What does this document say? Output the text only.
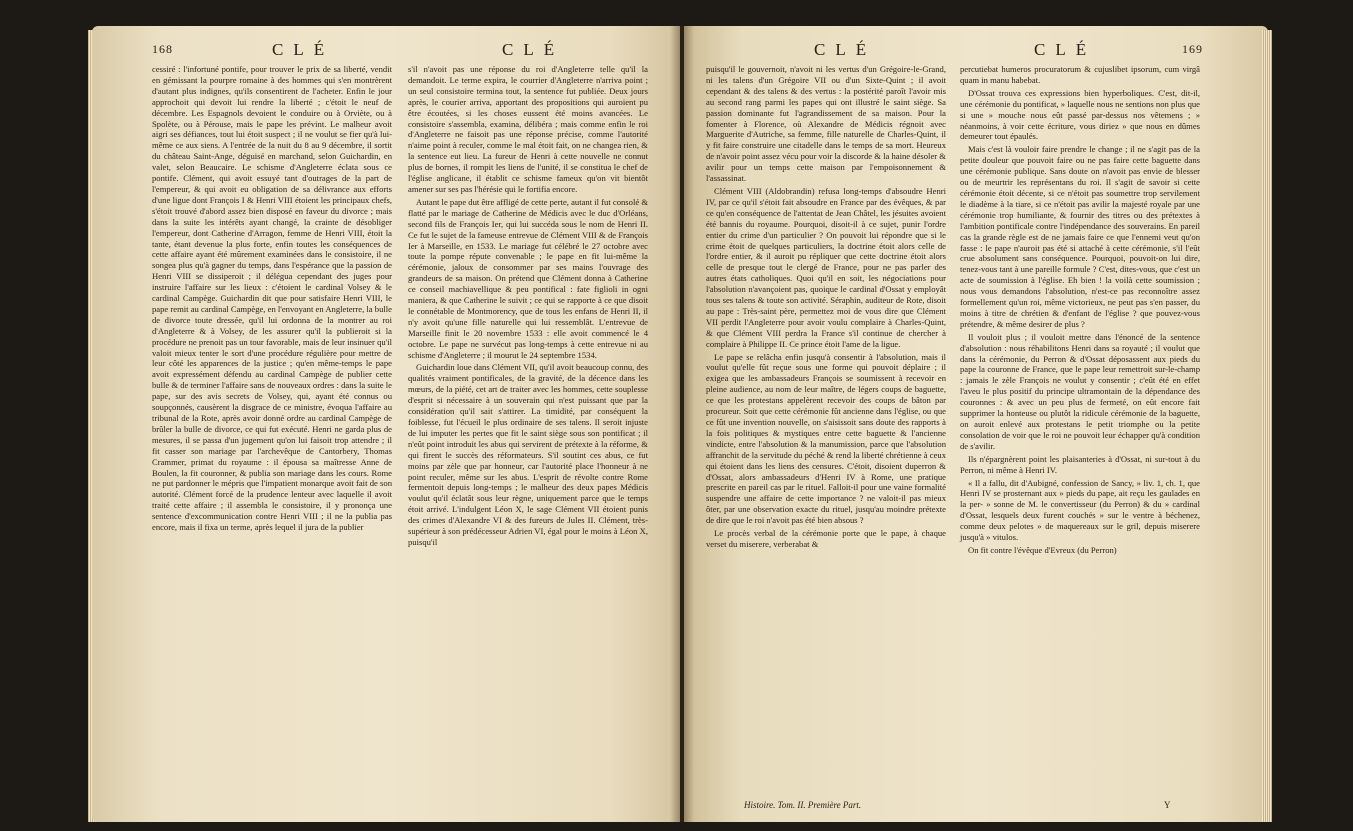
168	CLÉ	CLÉ

cessiré : l'infortuné pontife, pour trouver le prix de sa liberté, vendit en gémissant la pourpre romaine à des hommes qui s'en montrèrent d'autant plus indignes, qu'ils consentirent de l'acheter. Enfin le jour approchoit qui devoit lui rendre la liberté ; c'étoit le neuf de décembre. Les Espagnols devoient le conduire ou à Orviète, ou à Spolète, ou à Pérouse, mais le pape les prévint. Le malheur avoit aigri ses défiances, tout lui étoit suspect ; il ne voulut se fier qu'à lui-même ce aux siens. A l'entrée de la nuit du 8 au 9 décembre, il sortit du château Saint-Ange, déguisé en marchand, selon Guichardin, en valet, selon Beaucaire. Le schisme d'Angleterre éclata sous ce pontife. Clément, qui avoit essuyé tant d'outrages de la part de l'empereur, & qui avoit eu obligation de sa délivrance aux efforts d'une ligue dont François I & Henri VIII étoient les principaux chefs, s'étoit trouvé d'abord assez bien disposé en faveur du divorce ; mais dans la suite les intérêts ayant changé, la crainte de désobliger l'empereur, dont Catherine d'Arragon, femme de Henri VIII, étoit la tante, étant devenue la plus forte, enfin toutes les conséquences de cette affaire ayant été mûrement examinées dans le consistoire, il ne songea plus qu'à gagner du temps, dans l'espérance que la passion de Henri VIII se dissiperoit ; il délégua cependant des juges pour instruire l'affaire sur les lieux : c'étoient le cardinal Volsey & le cardinal Campège. Guichardin dit que pour satisfaire Henri VIII, le pape remit au cardinal Campège, en l'envoyant en Angleterre, la bulle de divorce toute dressée, qu'il lui ordonna de la montrer au roi d'Angleterre & à Volsey, de les assurer qu'il la publieroit si la procédure ne prenoit pas un tour favorable, mais de leur insinuer qu'il valoit mieux tenter le sort d'une procédure régulière pour mettre de leur côté les apparences de la justice ; qu'en même-temps le pape avoit expressément défendu au cardinal Campège de publier cette bulle & de terminer l'affaire sans de nouveaux ordres : dans la suite le pape, sur des avis secrets de Volsey, qui, ayant été connus ou soupçonnés, causèrent la disgrace de ce ministre, évoqua l'affaire au tribunal de la Rote, après avoir donné ordre au cardinal Campège de brûler la bulle de divorce, ce qui fut exécuté. Henri ne garda plus de mesures, il se passa d'un jugement qu'on lui faisoit trop attendre ; il fit casser son mariage par l'archevêque de Cantorbery, Thomas Crammer, primat du royaume : il épousa sa maîtresse Anne de Boulen, la fit couronner, & publia son mariage dans les cours. Rome ne put pardonner le mépris que l'impatient monarque avoit fait de son autorité. Clément forcé de la prudence lenteur avec laquelle il avoit traité cette affaire ; il assembla le consistoire, il y prononça une sentence d'excommunication contre Henri VIII ; il ne la publia pas encore, mais il fixa un terme, après lequel il jura de la publier

s'il n'avoit pas une réponse du roi d'Angleterre telle qu'il la demandoit. Le terme expira, le courrier d'Angleterre n'arriva point ; un seul consistoire termina tout, la sentence fut publiée. Deux jours après, le courier arriva, apportant des propositions qui auroient pu être écoutées, si les choses eussent été moins avancées. Le consistoire s'assembla, examina, délibéra ; mais comme enfin le roi d'Angleterre ne faisoit pas une réponse précise, comme l'autorité n'aime point à reculer, comme le mal étoit fait, on ne changea rien, & la sentence eut lieu. La fureur de Henri à cette nouvelle ne connut plus de bornes, il rompit les liens de l'unité, il se constitua le chef de l'église anglicane, il établit ce schisme fameux qu'on vit bientôt amener sur ses pas l'hérésie qui le fortifia encore.

Autant le pape dut être affligé de cette perte, autant il fut consolé & flatté par le mariage de Catherine de Médicis avec le duc d'Orléans, second fils de François Ier, qui lui succéda sous le nom de Henri II. Ce fut le sujet de la fameuse entrevue de Clément VIII & de François Ier à Marseille, en 1533. Le mariage fut célébré le 27 octobre avec toute la pompe répute convenable ; le pape en fit lui-même la cérémonie, jaloux de consommer par ses mains l'ouvrage des grandeurs de sa maison. On prétend que Clément donna à Catherine ce conseil machiavellique & peu pontifical : fate figlioli in ogni maniera, & que Catherine le suivit ; ce qui se rapporte à ce que disoit le connétable de Montmorency, que de tous les enfans de Henri II, il n'y avoit qu'une fille naturelle qui lui ressemblât. L'entrevue de Marseille finit le 20 novembre 1533 : elle avoit commencé le 4 octobre. Le pape ne survécut pas long-temps à cette entrevue ni au schisme d'Angleterre ; il mourut le 24 septembre 1534.

Guichardin loue dans Clément VII, qu'il avoit beaucoup connu, des qualités vraiment pontificales, de la gravité, de la décence dans les mœurs, de la piété, cet art de traiter avec les hommes, cette souplesse d'esprit si nécessaire à un souverain qui n'est puissant que par la considération qu'il sait s'attirer. La timidité, par conséquent la foiblesse, fut l'écueil le plus ordinaire de ses talens. Il seroit injuste de lui imputer les pertes que fit le saint siège sous son pontificat ; il n'eût point introduit les abus qui servirent de prétexte à la réforme, & qui firent le succès des réformateurs. S'il soutint ces abus, ce fut moins par zèle que par honneur, car l'autorité place l'honneur à ne point reculer, même sur les abus. L'esprit de révolte contre Rome fermentoit depuis long-temps ; le malheur des deux papes Médicis voulut qu'il éclatât sous leur règne, uniquement parce que le temps étoit arrivé. L'indulgent Léon X, le sage Clément VII étoient punis des crimes d'Alexandre VI & des fureurs de Jules II. Clément, très-supérieur à son prédécesseur Adrien VI, égal pour le moins à Léon X, puisqu'il

CLÉ	CLÉ	169

puisqu'il le gouvernoit, n'avoit ni les vertus d'un Grégoire-le-Grand, ni les talens d'un Grégoire VII ou d'un Sixte-Quint ; il avoit cependant & des talens & des vertus : la postérité paroît l'avoir mis au second rang parmi les papes qui ont illustré le saint siège. Sa passion dominante fut l'agrandissement de sa maison. Pour la fomenter à Florence, où Alexandre de Médicis régnoit avec Marguerite d'Autriche, sa femme, fille naturelle de Charles-Quint, il y fit faire construire une citadelle dans le temps de sa mort. Heureux de n'avoir point assez vécu pour voir la discorde & la haine désoler & avilir pour un temps cette maison par l'empoisonnement & l'assassinat.

Clément VIII (Aldobrandin) refusa long-temps d'absoudre Henri IV, par ce qu'il s'étoit fait absoudre en France par des évêques, & par ce qu'en conséquence de l'attentat de Jean Châtel, les jésuites avoient été bannis du royaume. Pourquoi, disoit-il à ce sujet, punir l'ordre entier du crime d'un particulier ? On pouvoit lui répondre que si le crime étoit de quelques particuliers, la doctrine étoit alors celle de l'ordre entier, & il auroit pu répliquer que cette doctrine étoit alors celle de presque tout le clergé de France, pour ne pas parler des autres états catholiques. Quoi qu'il en soit, les négociations pour l'absolution n'avançoient pas, quoique le cardinal d'Ossat y employât tous ses talens & toute son activité. Séraphin, auditeur de Rote, disoit au pape : Très-saint père, permettez moi de vous dire que Clément VII perdit l'Angleterre pour avoir voulu complaire à Charles-Quint, & que Clément VIII perdra la France s'il continue de chercher à complaire à Philippe II. Ce prince étoit l'ame de la ligue.

Le pape se relâcha enfin jusqu'à consentir à l'absolution, mais il voulut qu'elle fût reçue sous une forme qui pouvoit déplaire ; il exigea que les ambassadeurs François se soumissent à recevoir en pleine audience, au nom de leur maître, de légers coups de baguette, ce que les protestans appelèrent recevoir des coups de bâton par procureur. Soit que cette cérémonie fût ancienne dans l'église, ou que ce fût une invention nouvelle, on s'aisissoit sans doute des rapports à la fois politiques & mystiques entre cette baguette & l'ancienne vindicte, entre l'absolution & la manumission, parce que l'absolution affranchit de la servitude du péché & rend la liberté chrétienne à ceux qui étoient dans les liens des censures. C'étoit, disoient duperron & d'Ossat, alors ambassadeurs d'Henri IV à Rome, une pratique prescrite en pareil cas par le rituel. Falloit-il pour une vaine formalité suspendre une affaire de cette importance ? ne valoit-il pas mieux ôter, par une observation exacte du rituel, jusqu'au moindre prétexte de dire que le roi n'avoit pas été bien absous ?

Le procès verbal de la cérémonie porte que le pape, à chaque verset du miserere, verberabat &

percutiebat humeros procuratorum & cujuslibet ipsorum, cum virgâ quam in manu habebat.

D'Ossat trouva ces expressions bien hyperboliques. C'est, dit-il, une cérémonie du pontificat, » laquelle nous ne sentions non plus que si une » mouche nous eût passé par-dessus nos vêtemens ; » néanmoins, à voir cette écriture, vous diriez » que nous en dûmes demeurer tout épaulés.

Mais c'est là vouloir faire prendre le change ; il ne s'agit pas de la petite douleur que pouvoit faire ou ne pas faire cette baguette dans une cérémonie publique. Sans doute on n'avoit pas envie de blesser ou de meurtrir les représentans du roi. Il s'agit de savoir si cette cérémonie étoit décente, si ce n'étoit pas soumettre trop servilement le diadème à la tiare, si ce n'étoit pas avilir la majesté royale par une cérémonie trop humiliante, & fournir des titres ou des prétextes à l'ambition pontificale contre l'indépendance des souverains. En pareil cas la grande règle est de ne jamais faire ce que l'ennemi veut qu'on fasse : le pape n'auroit pas été si attaché à cette cérémonie, s'il l'eût crue absolument sans conséquence. Pourquoi, pouvoit-on lui dire, tenez-vous tant à une pareille formule ? C'est, dites-vous, que c'est un acte de soumission à l'église. Eh bien ! la voilà cette soumission ; nous vous demandons l'absolution, n'est-ce pas reconnoître assez formellement qu'un roi, même victorieux, ne peut pas s'en passer, du moins à titre de chrétien & d'enfant de l'église ? que pouvez-vous prétendre, & même desirer de plus ?

Il vouloit plus ; il vouloit mettre dans l'énoncé de la sentence d'absolution : nous réhabilitons Henri dans sa royauté ; il voulut que dans la cérémonie, du Perron & d'Ossat déposassent aux pieds du pape la couronne de France, que le pape leur remettroit sur-le-champ : jamais le zèle François ne voulut y consentir ; c'eût été en effet l'aveu le plus positif du principe ultramontain de la dépendance des couronnes : & avec un peu plus de fermeté, on eût encore fait supprimer la honteuse ou plutôt la ridicule cérémonie de la baguette, on auroit enlevé aux protestans le petit triomphe ou la petite consolation de voir que le roi ne pouvoit leur échapper qu'à condition de s'avilir.

Ils n'épargnèrent point les plaisanteries à d'Ossat, ni sur-tout à du Perron, ni même à Henri IV.

« Il a fallu, dit d'Aubigné, confession de Sancy, » liv. 1, ch. 1, que Henri IV se prosternant aux » pieds du pape, ait reçu les gaulades en la per- » sonne de M. le convertisseur (du Perron) & du » cardinal d'Ossat, lesquels deux furent couchés » sur le ventre à béchenez, comme deux pelotes » de maquereaux sur le gril, depuis miserere jusqu'à » vitulos.

On fit contre l'évêque d'Evreux (du Perron)

Histoire. Tom. II. Première Part.	Y
